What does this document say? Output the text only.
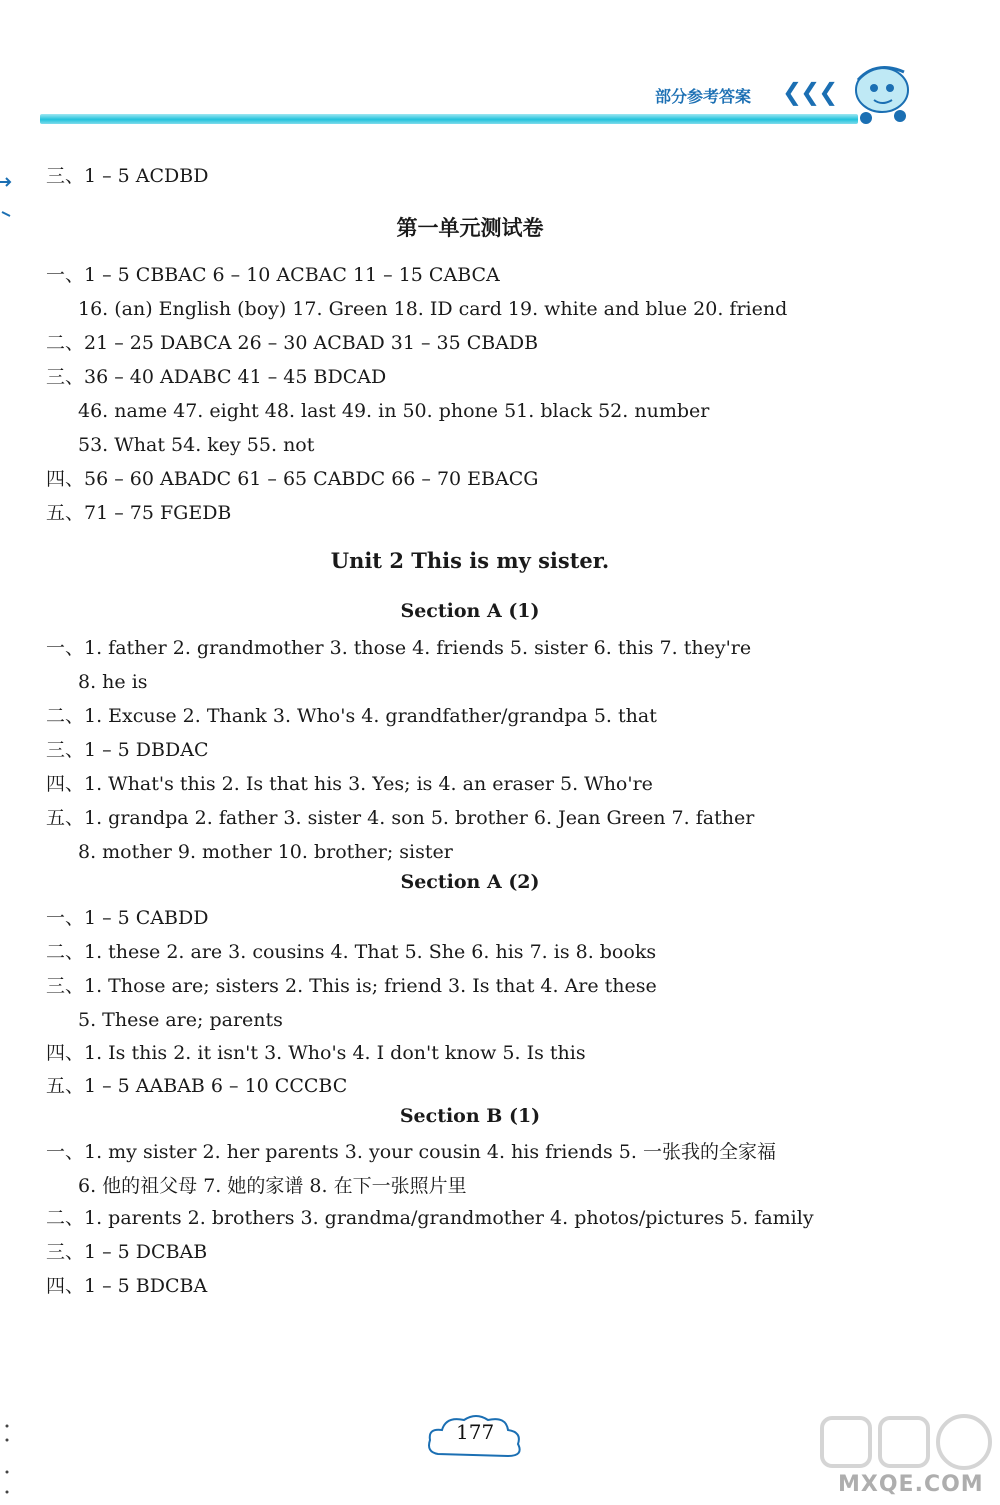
部分参考答案 ❮❮❮
三、1 – 5 ACDBD
一、1 – 5 CBBAC 6 – 10 ACBAC 11 – 15 CABCA
16. (an) English (boy) 17. Green 18. ID card 19. white and blue 20. friend
二、21 – 25 DABCA 26 – 30 ACBAD 31 – 35 CBADB
三、36 – 40 ADABC 41 – 45 BDCAD
46. name 47. eight 48. last 49. in 50. phone 51. black 52. number
53. What 54. key 55. not
四、56 – 60 ABADC 61 – 65 CABDC 66 – 70 EBACG
五、71 – 75 FGEDB
一、1. father 2. grandmother 3. those 4. friends 5. sister 6. this 7. they're
8. he is
二、1. Excuse 2. Thank 3. Who's 4. grandfather/grandpa 5. that
三、1 – 5 DBDAC
四、1. What's this 2. Is that his 3. Yes; is 4. an eraser 5. Who're
五、1. grandpa 2. father 3. sister 4. son 5. brother 6. Jean Green 7. father
8. mother 9. mother 10. brother; sister
一、1 – 5 CABDD
二、1. these 2. are 3. cousins 4. That 5. She 6. his 7. is 8. books
三、1. Those are; sisters 2. This is; friend 3. Is that 4. Are these
5. These are; parents
四、1. Is this 2. it isn't 3. Who's 4. I don't know 5. Is this
五、1 – 5 AABAB 6 – 10 CCCBC
一、1. my sister 2. her parents 3. your cousin 4. his friends 5. 一张我的全家福
6. 他的祖父母 7. 她的家谱 8. 在下一张照片里
二、1. parents 2. brothers 3. grandma/grandmother 4. photos/pictures 5. family
三、1 – 5 DCBAB
四、1 – 5 BDCBA
第一单元测试卷
Unit 2 This is my sister.
Section A (1)
Section A (2)
Section B (1)
177
MXQE.COM
